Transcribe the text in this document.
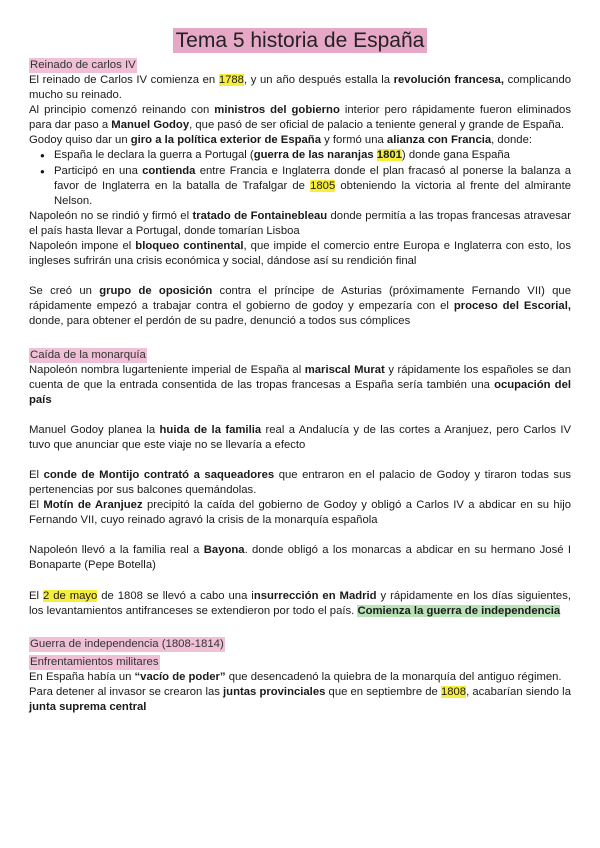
Tema 5 historia de España
Reinado de carlos IV

El reinado de Carlos IV comienza en 1788, y un año después estalla la revolución francesa, complicando mucho su reinado.

Al principio comenzó reinando con ministros del gobierno interior pero rápidamente fueron eliminados para dar paso a Manuel Godoy, que pasó de ser oficial de palacio a teniente general y grande de España.

Godoy quiso dar un giro a la política exterior de España y formó una alianza con Francia, donde:

● España le declara la guerra a Portugal (guerra de las naranjas 1801) donde gana España
● Participó en una contienda entre Francia e Inglaterra donde el plan fracasó al ponerse la balanza a favor de Inglaterra en la batalla de Trafalgar de 1805 obteniendo la victoria al frente del almirante Nelson.

Napoleón no se rindió y firmó el tratado de Fontainebleau donde permitía a las tropas francesas atravesar el país hasta llevar a Portugal, donde tomarían Lisboa

Napoleón impone el bloqueo continental, que impide el comercio entre Europa e Inglaterra con esto, los ingleses sufrirán una crisis económica y social, dándose así su rendición final

Se creó un grupo de oposición contra el príncipe de Asturias (próximamente Fernando VII) que rápidamente empezó a trabajar contra el gobierno de godoy y empezaría con el proceso del Escorial, donde, para obtener el perdón de su padre, denunció a todos sus cómplices

Caída de la monarquía

Napoleón nombra lugarteniente imperial de España al mariscal Murat y rápidamente los españoles se dan cuenta de que la entrada consentida de las tropas francesas a España sería también una ocupación del país

Manuel Godoy planea la huida de la familia real a Andalucía y de las cortes a Aranjuez, pero Carlos IV tuvo que anunciar que este viaje no se llevaría a efecto

El conde de Montijo contrató a saqueadores que entraron en el palacio de Godoy y tiraron todas sus pertenencias por sus balcones quemándolas.

El Motín de Aranjuez precipitó la caída del gobierno de Godoy y obligó a Carlos IV a abdicar en su hijo Fernando VII, cuyo reinado agravó la crisis de la monarquía española

Napoleón llevó a la familia real a Bayona. donde obligó a los monarcas a abdicar en su hermano José I Bonaparte (Pepe Botella)

El 2 de mayo de 1808 se llevó a cabo una insurrección en Madrid y rápidamente en los días siguientes, los levantamientos antifranceses se extendieron por todo el país. Comienza la guerra de independencia

Guerra de independencia (1808-1814)
Enfrentamientos militares

En España había un “vacío de poder” que desencadenó la quiebra de la monarquía del antiguo régimen.

Para detener al invasor se crearon las juntas provinciales que en septiembre de 1808, acabarían siendo la junta suprema central
